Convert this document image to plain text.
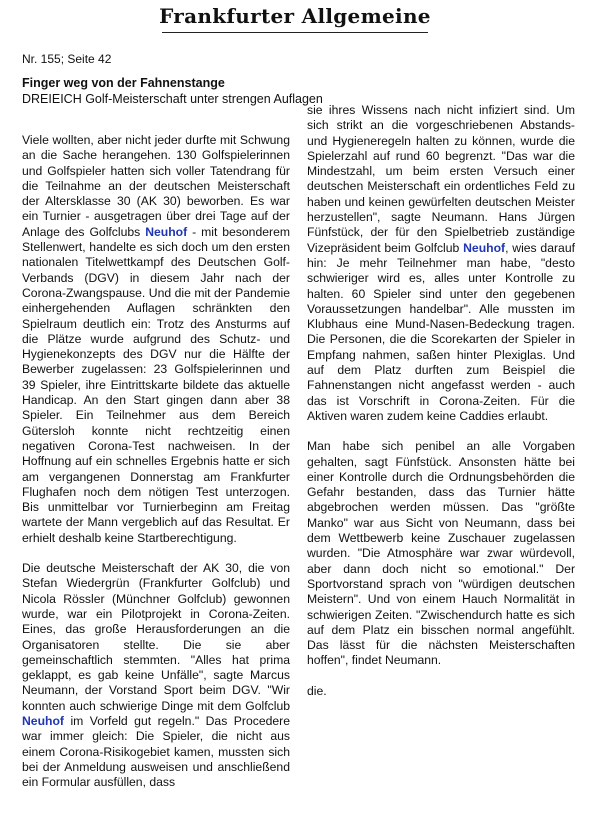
Frankfurter Allgemeine
Nr. 155; Seite 42
Finger weg von der Fahnenstange
DREIEICH Golf-Meisterschaft unter strengen Auflagen

Viele wollten, aber nicht jeder durfte mit Schwung an die Sache herangehen. 130 Golfspielerinnen und Golfspieler hatten sich voller Tatendrang für die Teilnahme an der deutschen Meisterschaft der Altersklasse 30 (AK 30) beworben. Es war ein Turnier - ausgetragen über drei Tage auf der Anlage des Golfclubs Neuhof - mit besonderem Stellenwert, handelte es sich doch um den ersten nationalen Titelwettkampf des Deutschen Golf-Verbands (DGV) in diesem Jahr nach der Corona-Zwangspause. Und die mit der Pandemie einhergehenden Auflagen schränkten den Spielraum deutlich ein: Trotz des Ansturms auf die Plätze wurde aufgrund des Schutz- und Hygienekonzepts des DGV nur die Hälfte der Bewerber zugelassen: 23 Golfspielerinnen und 39 Spieler, ihre Eintrittskarte bildete das aktuelle Handicap. An den Start gingen dann aber 38 Spieler. Ein Teilnehmer aus dem Bereich Gütersloh konnte nicht rechtzeitig einen negativen Corona-Test nachweisen. In der Hoffnung auf ein schnelles Ergebnis hatte er sich am vergangenen Donnerstag am Frankfurter Flughafen noch dem nötigen Test unterzogen. Bis unmittelbar vor Turnierbeginn am Freitag wartete der Mann vergeblich auf das Resultat. Er erhielt deshalb keine Startberechtigung.

Die deutsche Meisterschaft der AK 30, die von Stefan Wiedergrün (Frankfurter Golfclub) und Nicola Rössler (Münchner Golfclub) gewonnen wurde, war ein Pilotprojekt in Corona-Zeiten. Eines, das große Herausforderungen an die Organisatoren stellte. Die sie aber gemeinschaftlich stemmten. "Alles hat prima geklappt, es gab keine Unfälle", sagte Marcus Neumann, der Vorstand Sport beim DGV. "Wir konnten auch schwierige Dinge mit dem Golfclub Neuhof im Vorfeld gut regeln." Das Procedere war immer gleich: Die Spieler, die nicht aus einem Corona-Risikogebiet kamen, mussten sich bei der Anmeldung ausweisen und anschließend ein Formular ausfüllen, dass

sie ihres Wissens nach nicht infiziert sind. Um sich strikt an die vorgeschriebenen Abstands- und Hygieneregeln halten zu können, wurde die Spielerzahl auf rund 60 begrenzt. "Das war die Mindestzahl, um beim ersten Versuch einer deutschen Meisterschaft ein ordentliches Feld zu haben und keinen gewürfelten deutschen Meister herzustellen", sagte Neumann. Hans Jürgen Fünfstück, der für den Spielbetrieb zuständige Vizepräsident beim Golfclub Neuhof, wies darauf hin: Je mehr Teilnehmer man habe, "desto schwieriger wird es, alles unter Kontrolle zu halten. 60 Spieler sind unter den gegebenen Voraussetzungen handelbar". Alle mussten im Klubhaus eine Mund-Nasen-Bedeckung tragen. Die Personen, die die Scorekarten der Spieler in Empfang nahmen, saßen hinter Plexiglas. Und auf dem Platz durften zum Beispiel die Fahnenstangen nicht angefasst werden - auch das ist Vorschrift in Corona-Zeiten. Für die Aktiven waren zudem keine Caddies erlaubt.

Man habe sich penibel an alle Vorgaben gehalten, sagt Fünfstück. Ansonsten hätte bei einer Kontrolle durch die Ordnungsbehörden die Gefahr bestanden, dass das Turnier hätte abgebrochen werden müssen. Das "größte Manko" war aus Sicht von Neumann, dass bei dem Wettbewerb keine Zuschauer zugelassen wurden. "Die Atmosphäre war zwar würdevoll, aber dann doch nicht so emotional." Der Sportvorstand sprach von "würdigen deutschen Meistern". Und von einem Hauch Normalität in schwierigen Zeiten. "Zwischendurch hatte es sich auf dem Platz ein bisschen normal angefühlt. Das lässt für die nächsten Meisterschaften hoffen", findet Neumann.

die.
